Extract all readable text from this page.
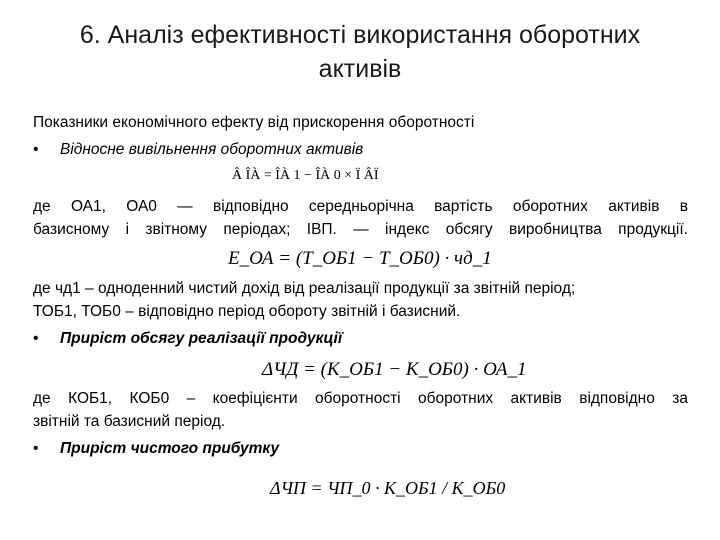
6. Аналіз ефективності використання оборотних
активів
Показники економічного ефекту від прискорення оборотності
• Відносне вивільнення оборотних активів
Â ÎÀ = ÎÀ 1 − ÎÀ 0 × Ï ÂÏ
де ОА1, ОА0 — відповідно середньорічна вартість оборотних активів в
базисному і звітному періодах; IВП. — індекс обсягу виробництва продукції.
E_ОА = (T_ОБ1 − T_ОБ0) · чд_1
де чд1 – одноденний чистий дохід від реалізації продукції за звітній період;
ТОБ1, ТОБ0 – відповідно період обороту звітній і базисний.
• Приріст обсягу реалізації продукції
ΔЧД = (K_ОБ1 − K_ОБ0) · ОА_1
де КОБ1, КОБ0 – коефіцієнти оборотності оборотних активів відповідно за
звітній та базисний період.
• Приріст чистого прибутку
ΔЧП = ЧП_0 · K_ОБ1 / K_ОБ0
